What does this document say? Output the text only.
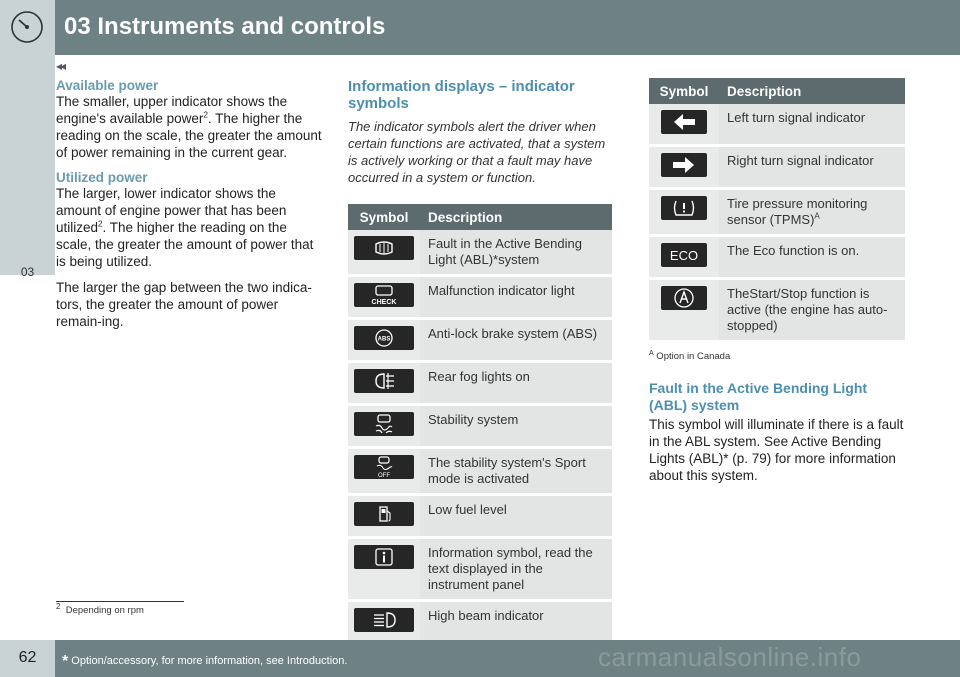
03 Instruments and controls
03
◂◂
Available power

The smaller, upper indicator shows the engine's available power$^2$. The higher the reading on the scale, the greater the amount of power remaining in the current gear.

Utilized power

The larger, lower indicator shows the amount of engine power that has been utilized$^2$. The higher the reading on the scale, the greater the amount of power that is being utilized.

The larger the gap between the two indica-tors, the greater the amount of power remain-ing.

Information displays – indicator symbols

The indicator symbols alert the driver when certain functions are activated, that a system is actively working or that a fault may have occurred in a system or function.

Symbol	Description

	Fault in the Active Bending Light (ABL)*system

CHECK	Malfunction indicator light

ABS	Anti-lock brake system (ABS)

	Rear fog lights on

	Stability system

OFF	The stability system's Sport mode is activated

	Low fuel level

	Information symbol, read the text displayed in the instrument panel

	High beam indicator
Symbol	Description

	Left turn signal indicator

	Right turn signal indicator

	Tire pressure monitoring sensor (TPMS)$^A$

ECO	The Eco function is on.

	TheStart/Stop function is active (the engine has auto-stopped)
$^A$ Option in Canada
Fault in the Active Bending Light (ABL) system

This symbol will illuminate if there is a fault in the ABL system. See Active Bending Lights (ABL)* (p. 79) for more information about this system.

$^2$ Depending on rpm
62	* Option/accessory, for more information, see Introduction.	carmanualsonline.info
